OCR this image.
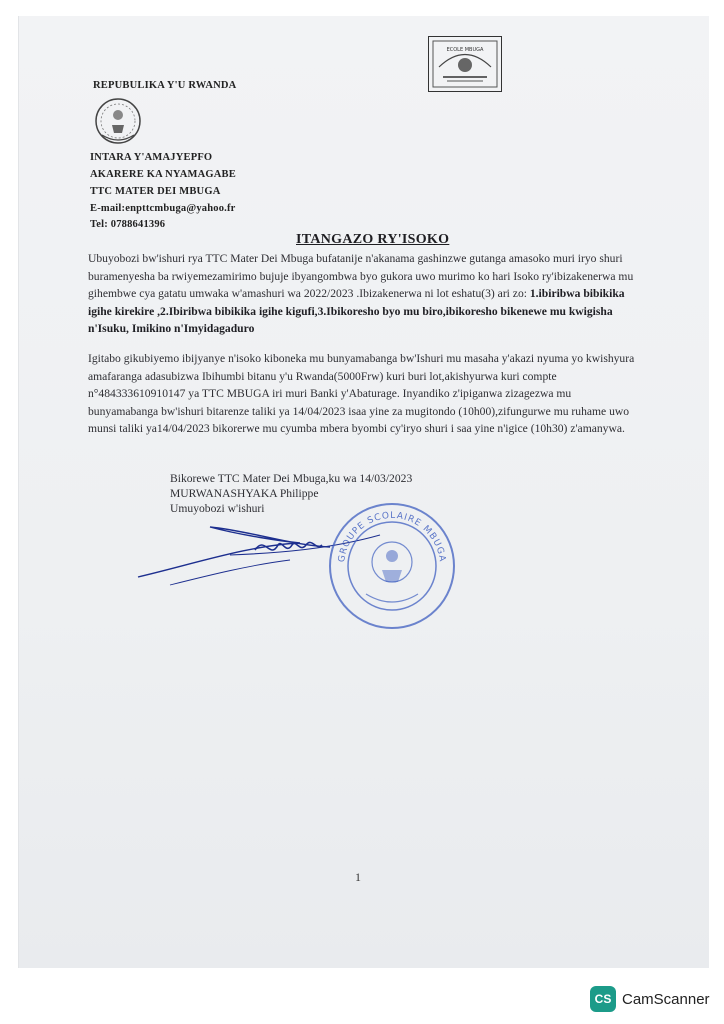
ECOLE MBUGA
REPUBULIKA Y'U RWANDA
INTARA Y'AMAJYEPFO
AKARERE KA NYAMAGABE
TTC MATER DEI MBUGA
E-mail:enpttcmbuga@yahoo.fr
Tel: 0788641396
ITANGAZO RY'ISOKO
Ubuyobozi bw'ishuri rya TTC Mater Dei Mbuga bufatanije n'akanama gashinzwe gutanga amasoko muri iryo shuri buramenyesha ba rwiyemezamirimo bujuje ibyangombwa byo gukora uwo murimo ko hari Isoko ry'ibizakenerwa mu gihembwe cya gatatu umwaka w'amashuri wa 2022/2023 .Ibizakenerwa ni lot eshatu(3) ari zo: 1.ibiribwa bibikika igihe kirekire ,2.Ibiribwa bibikika igihe kigufi,3.Ibikoresho byo mu biro,ibikoresho bikenewe mu kwigisha n'Isuku, Imikino n'Imyidagaduro
Igitabo gikubiyemo ibijyanye n'isoko kiboneka mu bunyamabanga bw'Ishuri mu masaha y'akazi nyuma yo kwishyura amafaranga adasubizwa Ibihumbi bitanu y'u Rwanda(5000Frw) kuri buri lot,akishyurwa kuri compte n°484333610910147 ya TTC MBUGA iri muri Banki y'Abaturage. Inyandiko z'ipiganwa zizagezwa mu bunyamabanga bw'ishuri bitarenze taliki ya 14/04/2023 isaa yine za mugitondo (10h00),zifungurwe mu ruhame uwo munsi taliki ya14/04/2023 bikorerwe mu cyumba mbera byombi cy'iryo shuri i saa yine n'igice (10h30) z'amanywa.
Bikorewe TTC Mater Dei Mbuga,ku wa 14/03/2023
MURWANASHYAKA Philippe
Umuyobozi w'ishuri
GROUPE SCOLAIRE MBUGA
1
CS CamScanner
